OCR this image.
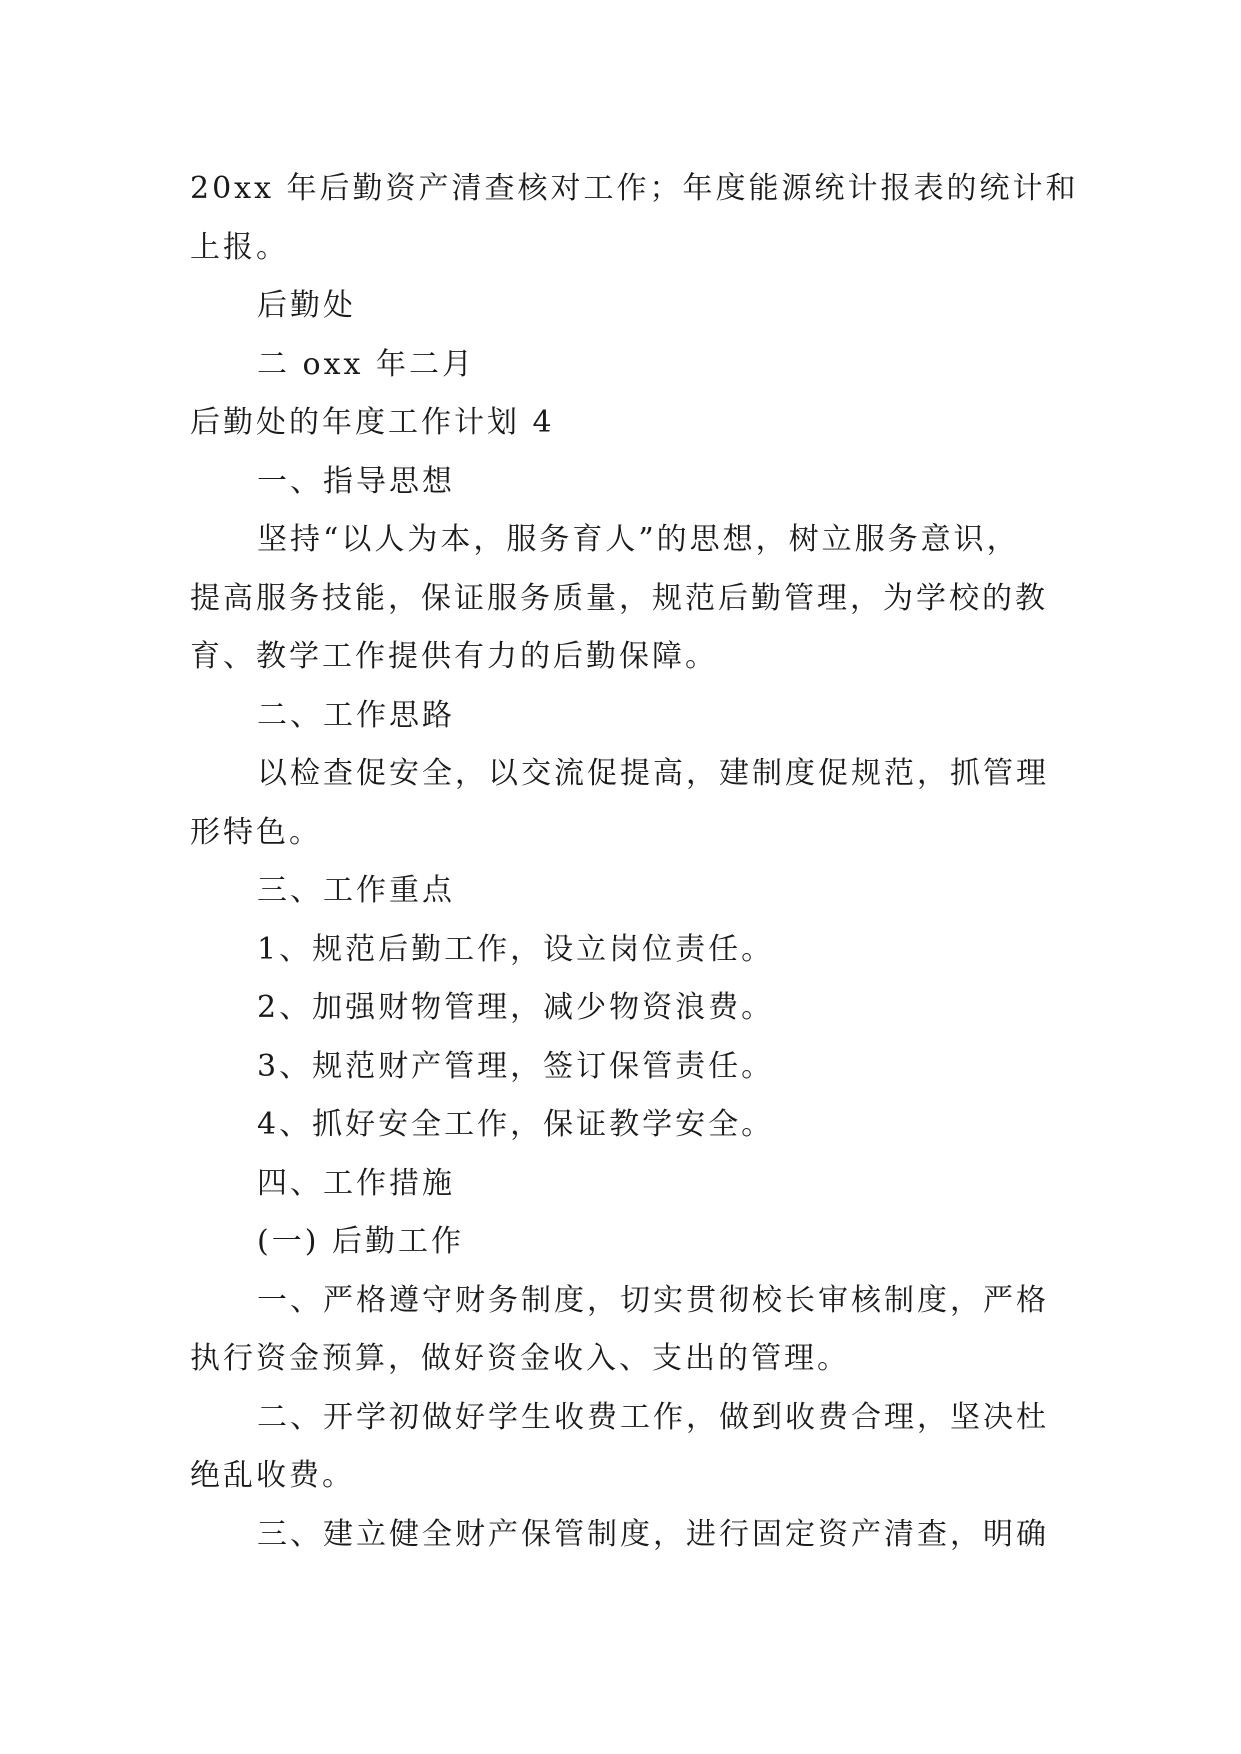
20xx 年后勤资产清查核对工作；年度能源统计报表的统计和
上报。
后勤处
二 oxx 年二月
后勤处的年度工作计划 4
一、指导思想
坚持“以人为本，服务育人”的思想，树立服务意识，
提高服务技能，保证服务质量，规范后勤管理，为学校的教
育、教学工作提供有力的后勤保障。
二、工作思路
以检查促安全，以交流促提高，建制度促规范，抓管理
形特色。
三、工作重点
1、规范后勤工作，设立岗位责任。
2、加强财物管理，减少物资浪费。
3、规范财产管理，签订保管责任。
4、抓好安全工作，保证教学安全。
四、工作措施
(一) 后勤工作
一、严格遵守财务制度，切实贯彻校长审核制度，严格
执行资金预算，做好资金收入、支出的管理。
二、开学初做好学生收费工作，做到收费合理，坚决杜
绝乱收费。
三、建立健全财产保管制度，进行固定资产清查，明确
